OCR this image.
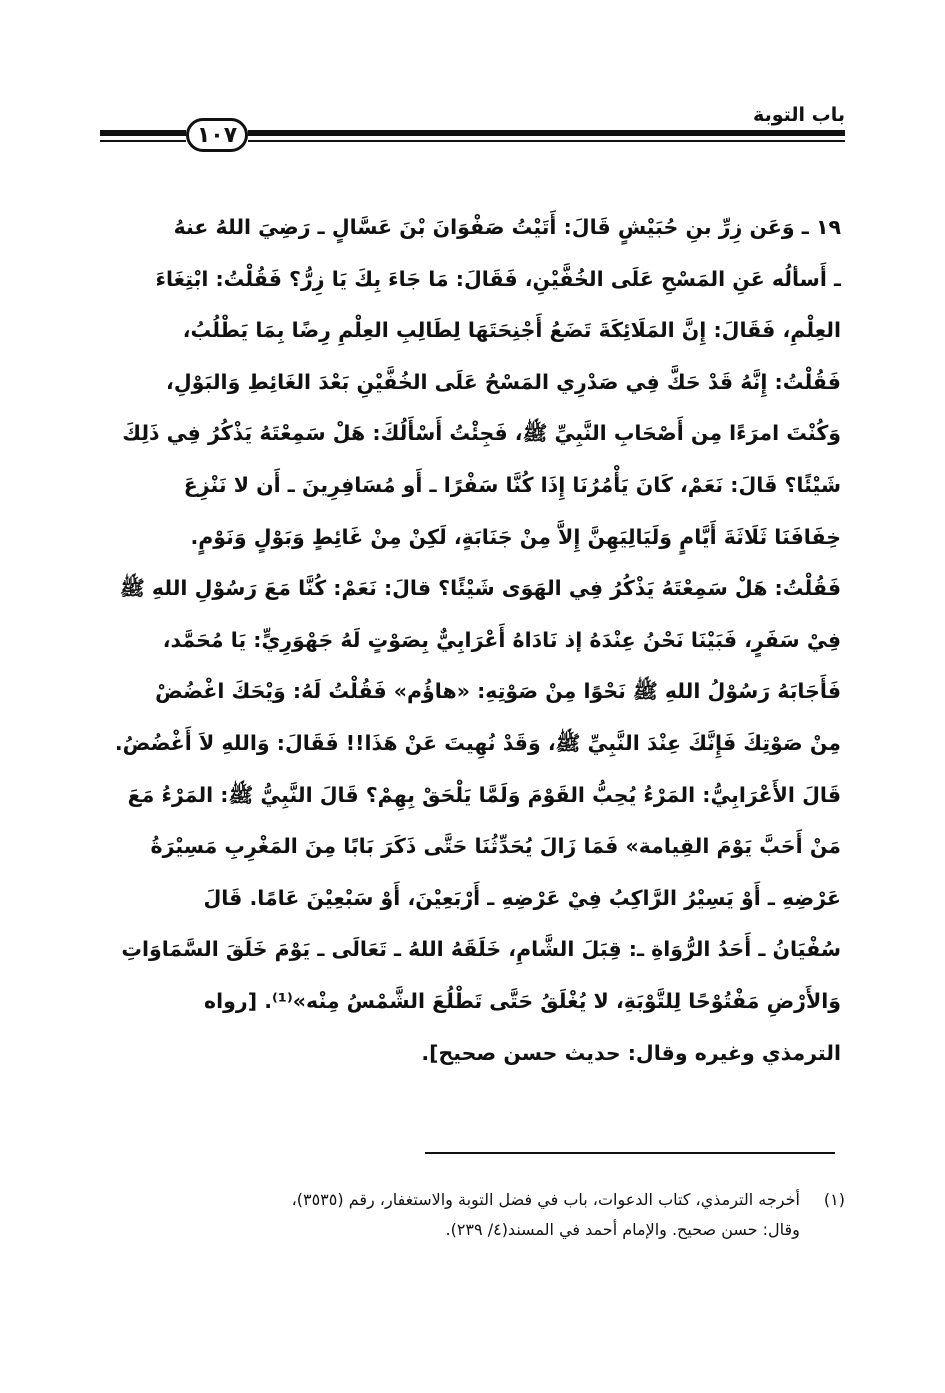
باب التوبة
١٠٧
١٩ ـ وَعَن زِرِّ بنِ حُبَيْشٍ قَالَ: أَتَيْتُ صَفْوَانَ بْنَ عَسَّالٍ ـ رَضِيَ اللهُ عنهُ
ـ أَسألُه عَنِ المَسْحِ عَلَى الخُفَّيْنِ، فَقَالَ: مَا جَاءَ بِكَ يَا زِرُّ؟ فَقُلْتُ: ابْتِغَاءَ
العِلْمِ، فَقَالَ: إِنَّ المَلَائِكَةَ تَضَعُ أَجْنِحَتَهَا لِطَالِبِ العِلْمِ رِضًا بِمَا يَطْلُبُ،
فَقُلْتُ: إِنَّهُ قَدْ حَكَّ فِي صَدْرِي المَسْحُ عَلَى الخُفَّيْنِ بَعْدَ الغَائِطِ وَالبَوْلِ،
وَكُنْتَ امرَءًا مِن أَصْحَابِ النَّبِيِّ ﷺ، فَجِئْتُ أَسْأَلُكَ: هَلْ سَمِعْتَهُ يَذْكُرُ فِي ذَلِكَ
شَيْئًا؟ قَالَ: نَعَمْ، كَانَ يَأْمُرُنَا إِذَا كُنَّا سَفْرًا ـ أَو مُسَافِرِينَ ـ أَن لا نَنْزِعَ
خِفَافَنَا ثَلَاثَةَ أَيَّامٍ وَلَيَالِيَهِنَّ إِلاَّ مِنْ جَنَابَةٍ، لَكِنْ مِنْ غَائِطٍ وَبَوْلٍ وَنَوْمٍ.
فَقُلْتُ: هَلْ سَمِعْتَهُ يَذْكُرُ فِي الهَوَى شَيْئًا؟ قالَ: نَعَمْ: كُنَّا مَعَ رَسُوْلِ اللهِ ﷺ
فِيْ سَفَرٍ، فَبَيْنَا نَحْنُ عِنْدَهُ إذ نَادَاهُ أَعْرَابِيٌّ بِصَوْتٍ لَهُ جَهْوَرِيٍّ: يَا مُحَمَّد،
فَأَجَابَهُ رَسُوْلُ اللهِ ﷺ نَحْوًا مِنْ صَوْتِهِ: «هاؤُم» فَقُلْتُ لَهُ: وَيْحَكَ اغْضُضْ
مِنْ صَوْتِكَ فَإِنَّكَ عِنْدَ النَّبِيِّ ﷺ، وَقَدْ نُهِيتَ عَنْ هَذَا!! فَقَالَ: وَاللهِ لاَ أَغْضُضُ.
قَالَ الأَعْرَابِيُّ: المَرْءُ يُحِبُّ القَوْمَ وَلَمَّا يَلْحَقْ بِهِمْ؟ قَالَ النَّبِيُّ ﷺ: المَرْءُ مَعَ
مَنْ أَحَبَّ يَوْمَ القِيامة» فَمَا زَالَ يُحَدِّثُنَا حَتَّى ذَكَرَ بَابًا مِنَ المَغْرِبِ مَسِيْرَةُ
عَرْضِهِ ـ أَوْ يَسِيْرُ الرَّاكِبُ فِيْ عَرْضِهِ ـ أَرْبَعِيْنَ، أَوْ سَبْعِيْنَ عَامًا. قَالَ
سُفْيَانُ ـ أَحَدُ الرُّوَاةِ ـ: قِبَلَ الشَّامِ، خَلَقَهُ اللهُ ـ تَعَالَى ـ يَوْمَ خَلَقَ السَّمَاوَاتِ
وَالأَرْضِ مَفْتُوْحًا لِلتَّوْبَةِ، لا يُغْلَقُ حَتَّى تَطْلُعَ الشَّمْسُ مِنْه»⁽¹⁾. [رواه
الترمذي وغيره وقال: حديث حسن صحيح].
(١) أخرجه الترمذي، كتاب الدعوات، باب في فضل التوبة والاستغفار، رقم (٣٥٣٥)،
وقال: حسن صحيح. والإمام أحمد في المسند(٤/ ٢٣٩).
